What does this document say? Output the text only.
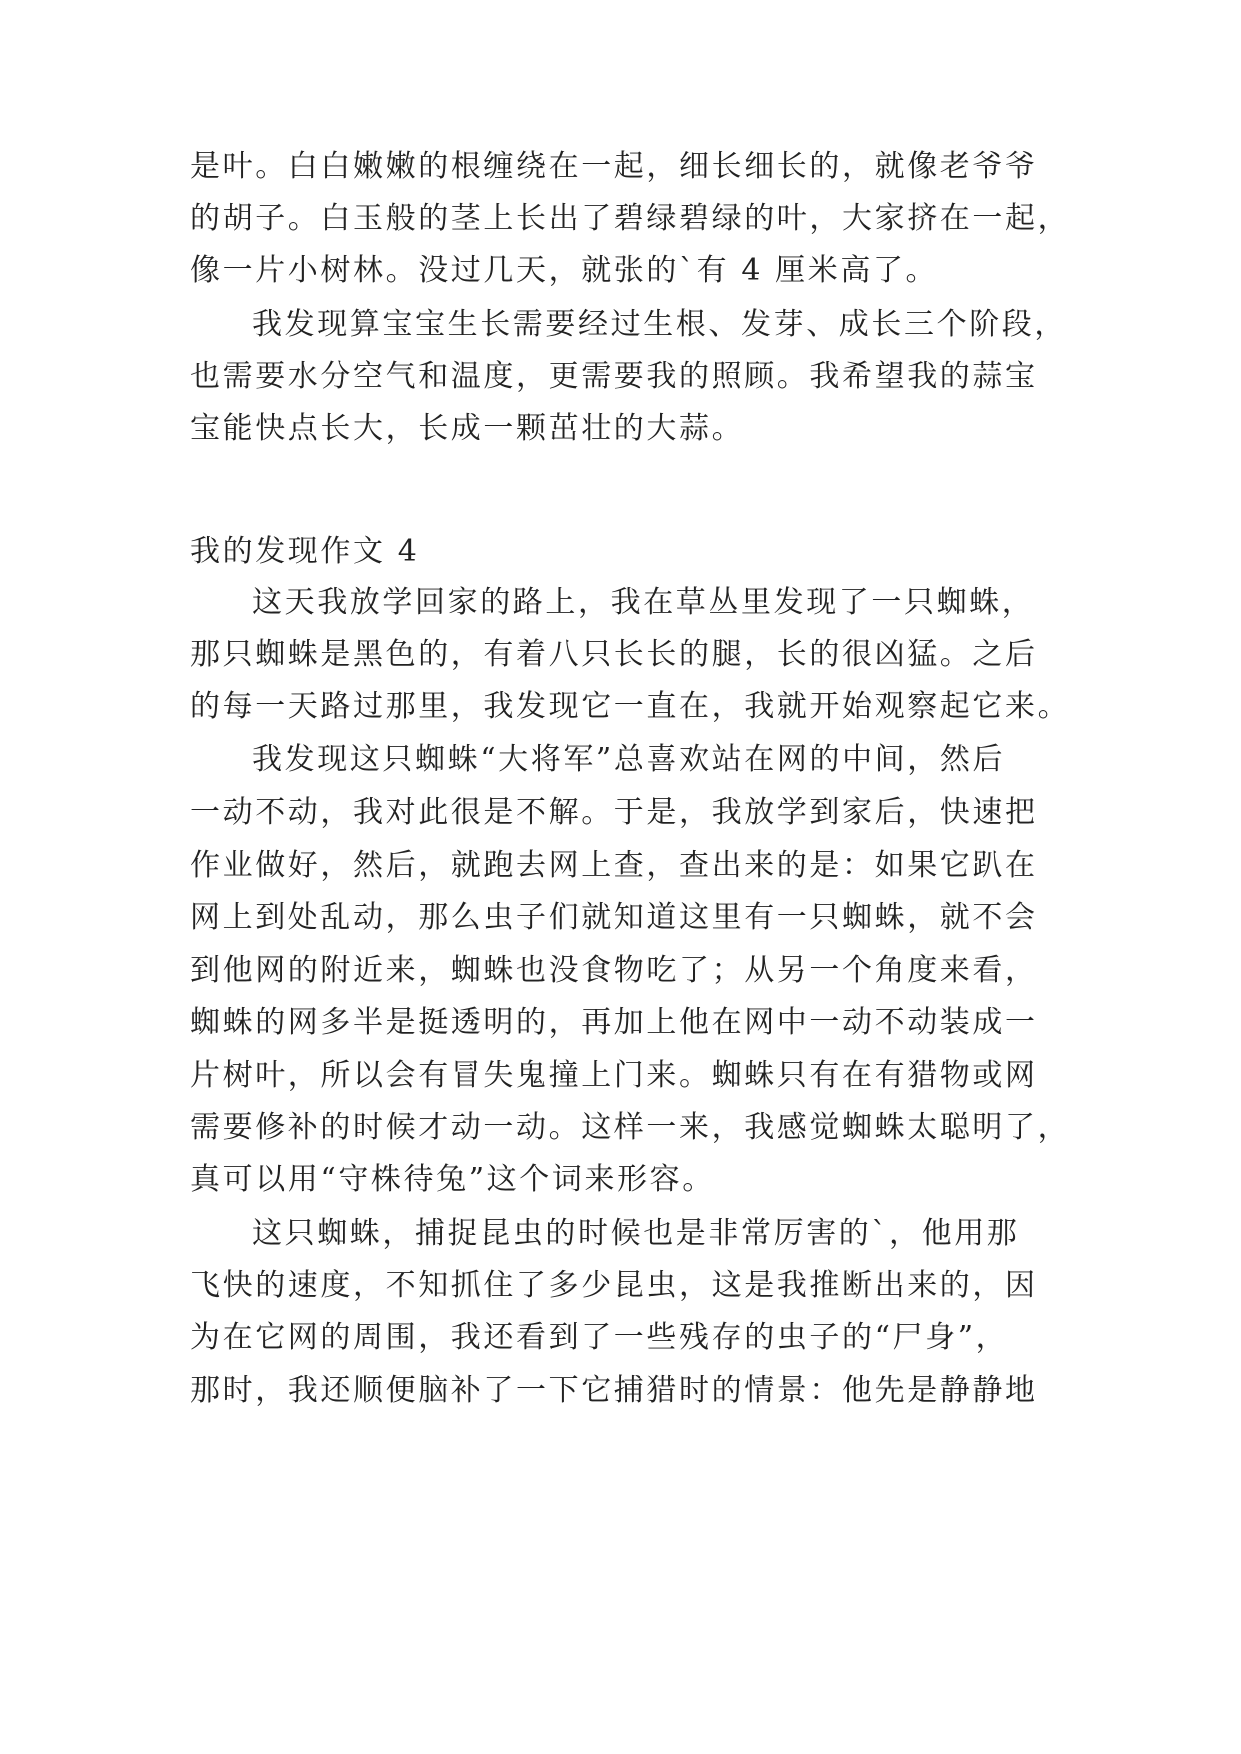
是叶。白白嫩嫩的根缠绕在一起，细长细长的，就像老爷爷
的胡子。白玉般的茎上长出了碧绿碧绿的叶，大家挤在一起，
像一片小树林。没过几天，就张的`有 4 厘米高了。
我发现算宝宝生长需要经过生根、发芽、成长三个阶段，
也需要水分空气和温度，更需要我的照顾。我希望我的蒜宝
宝能快点长大，长成一颗茁壮的大蒜。
我的发现作文 4
这天我放学回家的路上，我在草丛里发现了一只蜘蛛，
那只蜘蛛是黑色的，有着八只长长的腿，长的很凶猛。之后
的每一天路过那里，我发现它一直在，我就开始观察起它来。
我发现这只蜘蛛“大将军”总喜欢站在网的中间，然后
一动不动，我对此很是不解。于是，我放学到家后，快速把
作业做好，然后，就跑去网上查，查出来的是：如果它趴在
网上到处乱动，那么虫子们就知道这里有一只蜘蛛，就不会
到他网的附近来，蜘蛛也没食物吃了；从另一个角度来看，
蜘蛛的网多半是挺透明的，再加上他在网中一动不动装成一
片树叶，所以会有冒失鬼撞上门来。蜘蛛只有在有猎物或网
需要修补的时候才动一动。这样一来，我感觉蜘蛛太聪明了，
真可以用“守株待兔”这个词来形容。
这只蜘蛛，捕捉昆虫的时候也是非常厉害的`，他用那
飞快的速度，不知抓住了多少昆虫，这是我推断出来的，因
为在它网的周围，我还看到了一些残存的虫子的“尸身”，
那时，我还顺便脑补了一下它捕猎时的情景：他先是静静地
